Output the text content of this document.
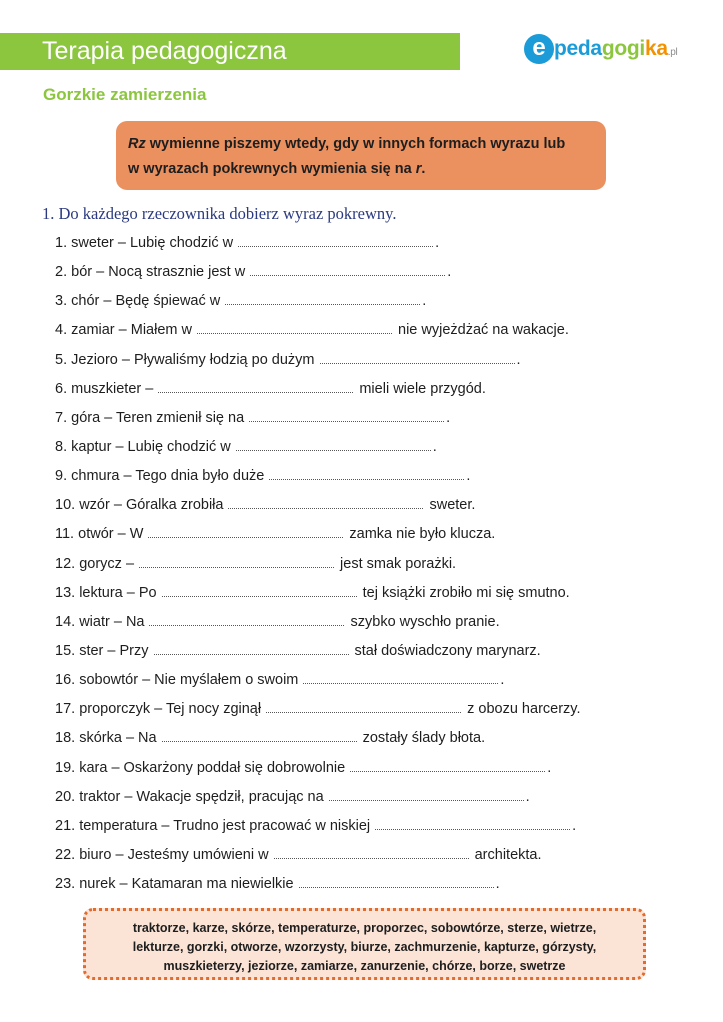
Terapia pedagogiczna	e pedagogika.pl
Gorzkie zamierzenia
Rz wymienne piszemy wtedy, gdy w innych formach wyrazu lub
w wyrazach pokrewnych wymienia się na r.
1. Do każdego rzeczownika dobierz wyraz pokrewny.
1. sweter – Lubię chodzić w	.
2. bór – Nocą strasznie jest w	.
3. chór – Będę śpiewać w	.
4. zamiar – Miałem w	nie wyjeżdżać na wakacje.
5. Jezioro – Pływaliśmy łodzią po dużym	.
6. muszkieter –	mieli wiele przygód.
7. góra – Teren zmienił się na	.
8. kaptur – Lubię chodzić w	.
9. chmura – Tego dnia było duże	.
10. wzór – Góralka zrobiła	sweter.
11. otwór – W	zamka nie było klucza.
12. gorycz –	jest smak porażki.
13. lektura – Po	tej książki zrobiło mi się smutno.
14. wiatr – Na	szybko wyschło pranie.
15. ster – Przy	stał doświadczony marynarz.
16. sobowtór – Nie myślałem o swoim	.
17. proporczyk – Tej nocy zginął	z obozu harcerzy.
18. skórka – Na	zostały ślady błota.
19. kara – Oskarżony poddał się dobrowolnie	.
20. traktor – Wakacje spędził, pracując na	.
21. temperatura – Trudno jest pracować w niskiej	.
22. biuro – Jesteśmy umówieni w	architekta.
23. nurek – Katamaran ma niewielkie	.
traktorze, karze, skórze, temperaturze, proporzec, sobowtórze, sterze, wietrze,
lekturze, gorzki, otworze, wzorzysty, biurze, zachmurzenie, kapturze, górzysty,
muszkieterzy, jeziorze, zamiarze, zanurzenie, chórze, borze, swetrze
